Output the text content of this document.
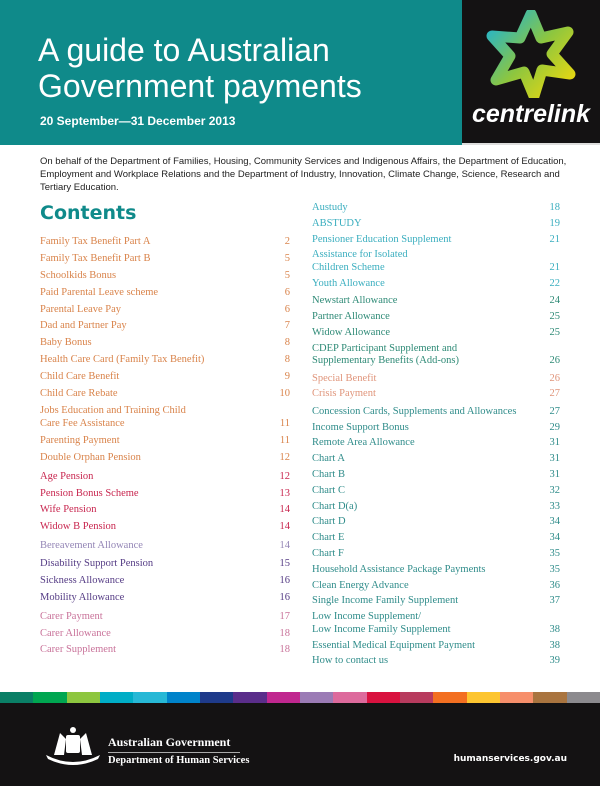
A guide to Australian Government payments
20 September—31 December 2013	centrelink
On behalf of the Department of Families, Housing, Community Services and Indigenous Affairs, the Department of Education, Employment and Workplace Relations and the Department of Industry, Innovation, Climate Change, Science, Research and Tertiary Education.
Contents
Family Tax Benefit Part A	2
Family Tax Benefit Part B	5
Schoolkids Bonus	5
Paid Parental Leave scheme	6
Parental Leave Pay	6
Dad and Partner Pay	7
Baby Bonus	8
Health Care Card (Family Tax Benefit)	8
Child Care Benefit	9
Child Care Rebate	10
Jobs Education and Training Child
Care Fee Assistance	11
Parenting Payment	11
Double Orphan Pension	12
Age Pension	12
Pension Bonus Scheme	13
Wife Pension	14
Widow B Pension	14
Bereavement Allowance	14
Disability Support Pension	15
Sickness Allowance	16
Mobility Allowance	16
Carer Payment	17
Carer Allowance	18
Carer Supplement	18
Austudy	18
ABSTUDY	19
Pensioner Education Supplement	21
Assistance for Isolated
Children Scheme	21
Youth Allowance	22
Newstart Allowance	24
Partner Allowance	25
Widow Allowance	25
CDEP Participant Supplement and
Supplementary Benefits (Add-ons)	26
Special Benefit	26
Crisis Payment	27
Concession Cards, Supplements and Allowances	27
Income Support Bonus	29
Remote Area Allowance	31
Chart A	31
Chart B	31
Chart C	32
Chart D(a)	33
Chart D	34
Chart E	34
Chart F	35
Household Assistance Package Payments	35
Clean Energy Advance	36
Single Income Family Supplement	37
Low Income Supplement/
Low Income Family Supplement	38
Essential Medical Equipment Payment	38
How to contact us	39
Australian Government
Department of Human Services	humanservices.gov.au
